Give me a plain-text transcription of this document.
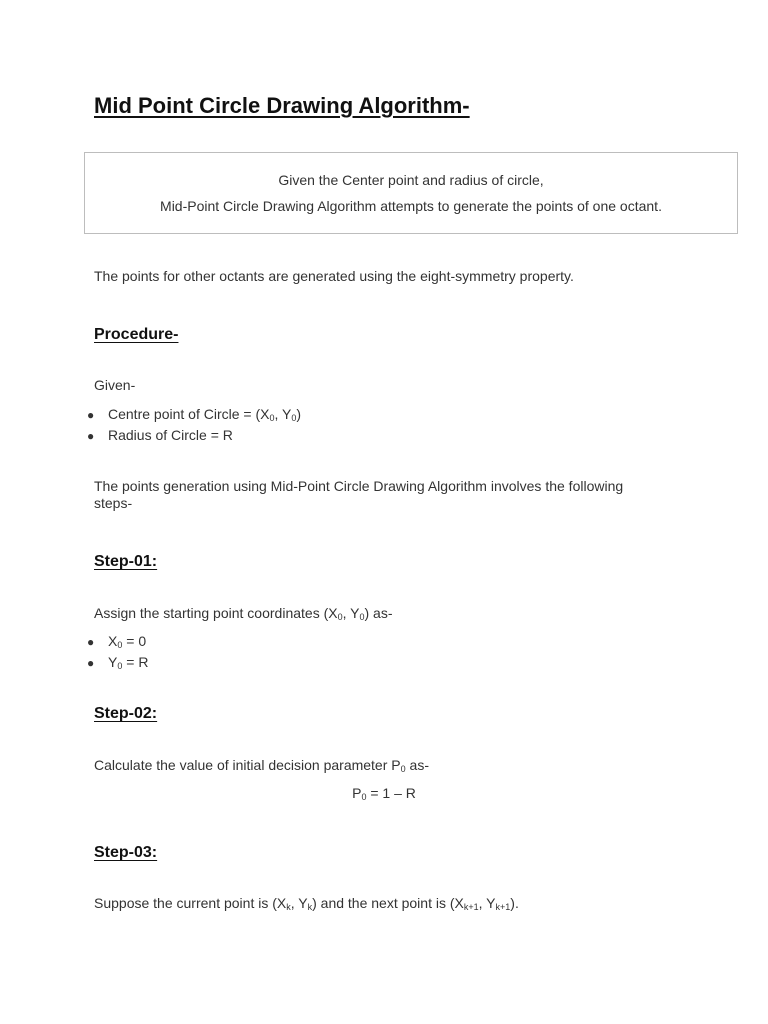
Mid Point Circle Drawing Algorithm-
Given the Center point and radius of circle,
Mid-Point Circle Drawing Algorithm attempts to generate the points of one octant.
The points for other octants are generated using the eight-symmetry property.
Procedure-
Given-
● Centre point of Circle = ($X_0$, $Y_0$)
● Radius of Circle = R
The points generation using Mid-Point Circle Drawing Algorithm involves the following
steps-
Step-01:
Assign the starting point coordinates ($X_0$, $Y_0$) as-
● $X_0 = 0$
● $Y_0 = R$
Step-02:
Calculate the value of initial decision parameter $P_0$ as-
$P_0 = 1 - R$
Step-03:
Suppose the current point is ($X_k$, $Y_k$) and the next point is ($X_{k+1}$, $Y_{k+1}$).
